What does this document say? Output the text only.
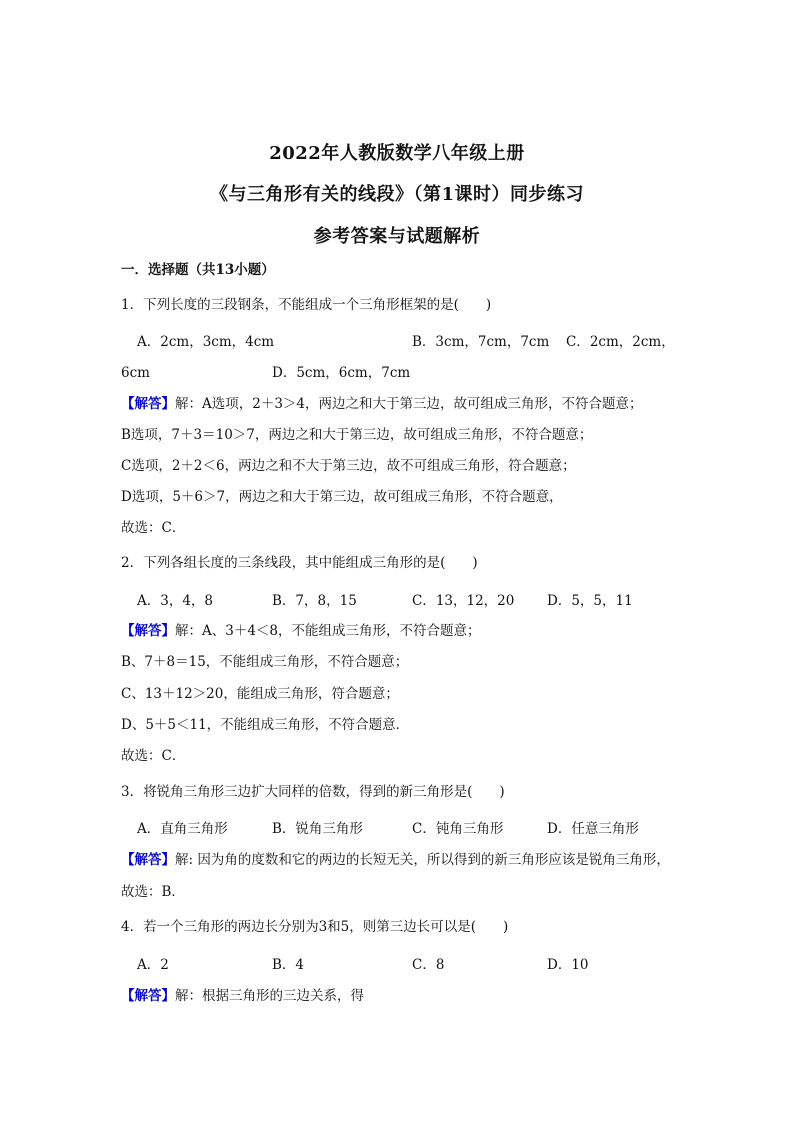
2022年人教版数学八年级上册
《与三角形有关的线段》（第1课时）同步练习
参考答案与试题解析
一．选择题（共13小题）
1．下列长度的三段钢条，不能组成一个三角形框架的是(　　)
A．2cm，3cm，4cm	B．3cm，7cm，7cm C．2cm，2cm，
6cm	D．5cm，6cm，7cm
【解答】解：A选项，2＋3＞4，两边之和大于第三边，故可组成三角形，不符合题意；
B选项，7＋3＝10＞7，两边之和大于第三边，故可组成三角形，不符合题意；
C选项，2＋2＜6，两边之和不大于第三边，故不可组成三角形，符合题意；
D选项，5＋6＞7，两边之和大于第三边，故可组成三角形，不符合题意，
故选：C．
2．下列各组长度的三条线段，其中能组成三角形的是(　　)
A．3，4，8	B．7，8，15	C．13，12，20 D．5，5，11
【解答】解：A、3＋4＜8，不能组成三角形，不符合题意；
B、7＋8＝15，不能组成三角形，不符合题意；
C、13＋12＞20，能组成三角形，符合题意；
D、5＋5＜11，不能组成三角形，不符合题意．
故选：C．
3．将锐角三角形三边扩大同样的倍数，得到的新三角形是(　　)
A．直角三角形	B．锐角三角形	C．钝角三角形	D．任意三角形
【解答】解: 因为角的度数和它的两边的长短无关，所以得到的新三角形应该是锐角三角形，
故选：B．
4．若一个三角形的两边长分别为3和5，则第三边长可以是(　　)
A．2	B．4	C．8	D．10
【解答】解：根据三角形的三边关系，得
